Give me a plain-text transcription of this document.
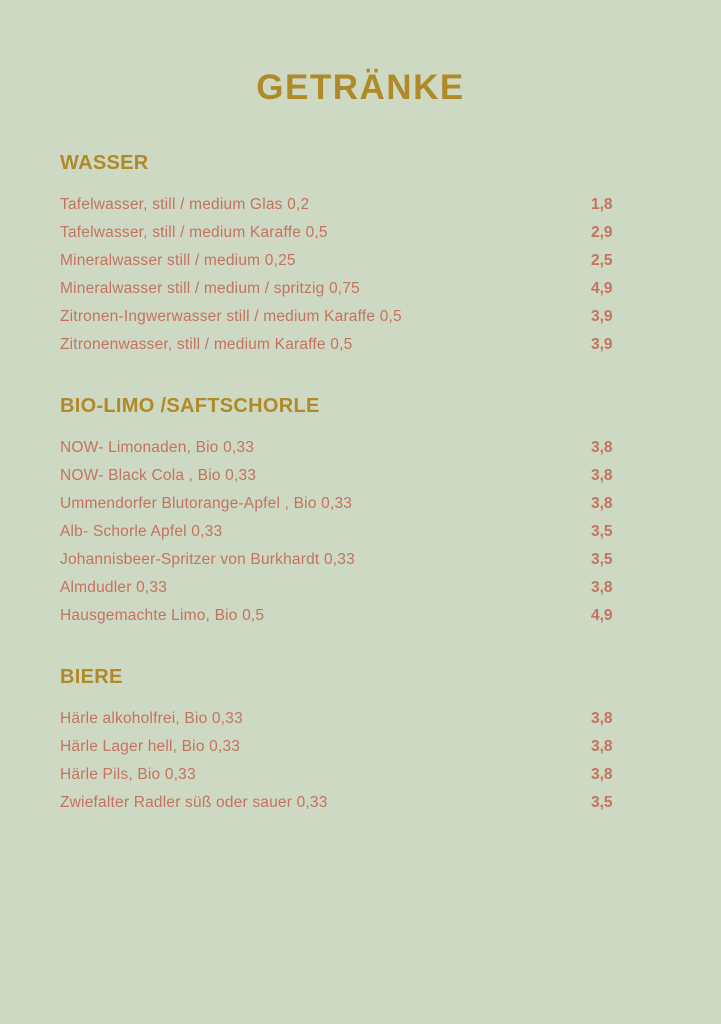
GETRÄNKE
WASSER
Tafelwasser, still / medium Glas 0,2	1,8
Tafelwasser, still / medium Karaffe 0,5	2,9
Mineralwasser still / medium 0,25	2,5
Mineralwasser still / medium / spritzig 0,75	4,9
Zitronen-Ingwerwasser still / medium Karaffe 0,5	3,9
Zitronenwasser, still / medium Karaffe 0,5	3,9
BIO-LIMO /SAFTSCHORLE
NOW- Limonaden, Bio 0,33	3,8
NOW- Black Cola , Bio 0,33	3,8
Ummendorfer Blutorange-Apfel , Bio 0,33	3,8
Alb- Schorle Apfel 0,33	3,5
Johannisbeer-Spritzer von Burkhardt 0,33	3,5
Almdudler 0,33	3,8
Hausgemachte Limo, Bio 0,5	4,9
BIERE
Härle alkoholfrei, Bio 0,33	3,8
Härle Lager hell, Bio 0,33	3,8
Härle Pils, Bio 0,33	3,8
Zwiefalter Radler süß oder sauer 0,33	3,5
